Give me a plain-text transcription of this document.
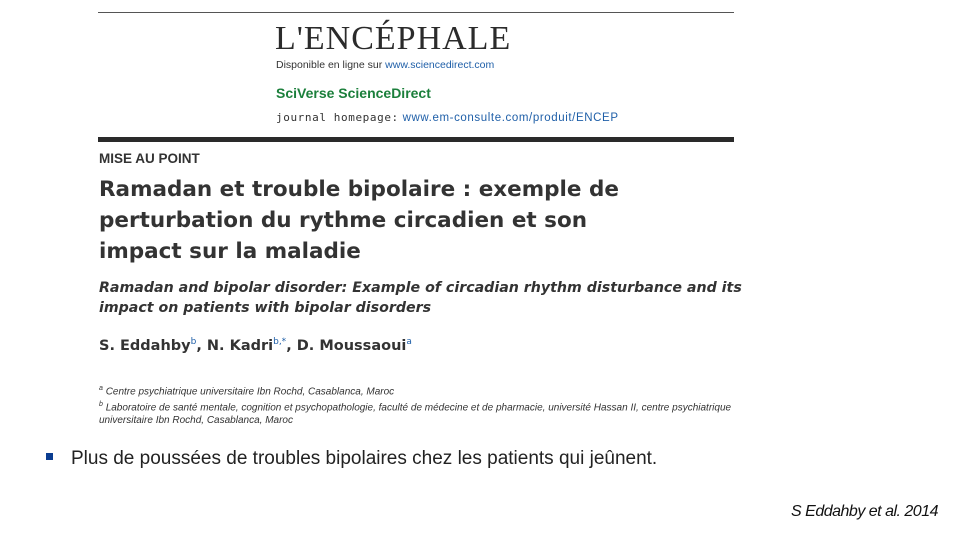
L'ENCÉPHALE
Disponible en ligne sur www.sciencedirect.com
SciVerse ScienceDirect
journal homepage: www.em-consulte.com/produit/ENCEP
MISE AU POINT
Ramadan et trouble bipolaire : exemple de perturbation du rythme circadien et son impact sur la maladie
Ramadan and bipolar disorder: Example of circadian rhythm disturbance and its impact on patients with bipolar disorders
S. Eddahby$^b$, N. Kadri$^{b,*}$, D. Moussaoui$^a$
$^a$ Centre psychiatrique universitaire Ibn Rochd, Casablanca, Maroc
$^b$ Laboratoire de santé mentale, cognition et psychopathologie, faculté de médecine et de pharmacie, université Hassan II, centre psychiatrique universitaire Ibn Rochd, Casablanca, Maroc
Plus de poussées de troubles bipolaires chez les patients qui jeûnent.
S Eddahby et al. 2014
